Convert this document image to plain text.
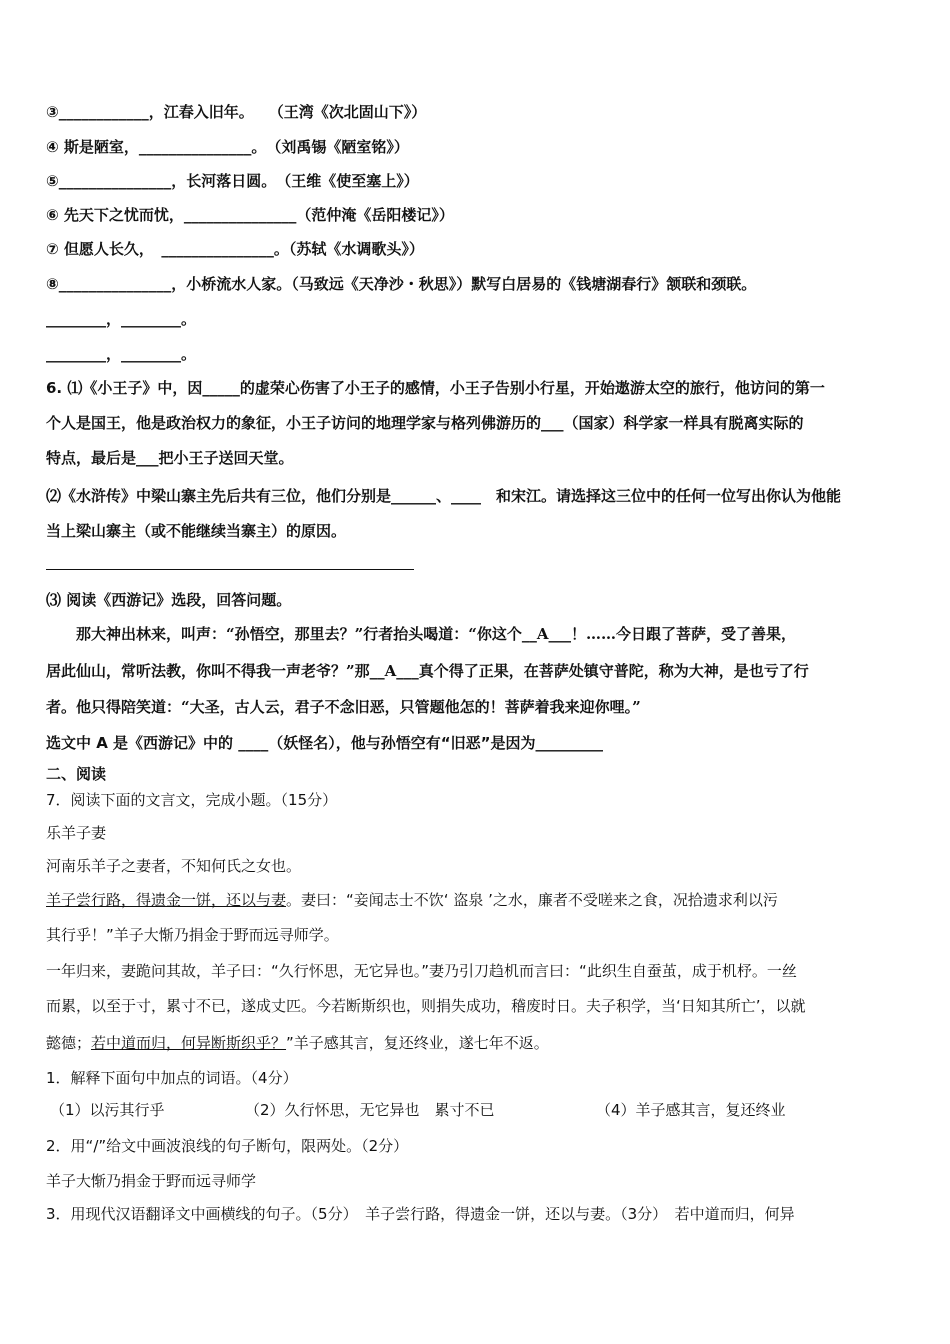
③____________，江春入旧年。　　（王湾《次北固山下》）
④ 斯是陋室，_______________。　（刘禹锡《陋室铭》）
⑤_______________，长河落日圆。　（王维《使至塞上》）
⑥ 先天下之忧而忧，_______________（范仲淹《岳阳楼记》）
⑦ 但愿人长久，　_______________。（苏轼《水调歌头》）
⑧_______________，小桥流水人家。（马致远《天净沙・秋思》）默写白居易的《钱塘湖春行》颔联和颈联。
________，________。
________，________。
6. ⑴《小王子》中，因_____的虚荣心伤害了小王子的感情，小王子告别小行星，开始遨游太空的旅行，他访问的第一
个人是国王，他是政治权力的象征，小王子访问的地理学家与格列佛游历的___（国家）科学家一样具有脱离实际的
特点，最后是___把小王子送回天堂。
⑵《水浒传》中梁山寨主先后共有三位，他们分别是______、____　和宋江。请选择这三位中的任何一位写出你认为他能
当上梁山寨主（或不能继续当寨主）的原因。
⑶ 阅读《西游记》选段，回答问题。
　　那大神出林来，叫声：“孙悟空，那里去？”行者抬头喝道：“你这个__A___！……今日跟了菩萨，受了善果，
居此仙山，常听法教，你叫不得我一声老爷？”那__A___真个得了正果，在菩萨处镇守普陀，称为大神，是也亏了行
者。他只得陪笑道：“大圣，古人云，君子不念旧恶，只管题他怎的！菩萨着我来迎你哩。”
选文中 A 是《西游记》中的 ____（妖怪名），他与孙悟空有“旧恶”是因为_________
二、阅读
7．阅读下面的文言文，完成小题。（15分）
乐羊子妻
河南乐羊子之妻者，不知何氏之女也。
羊子尝行路，得遗金一饼，还以与妻。妻曰：“妾闻志士不饮‘ 盗泉 ’之水，廉者不受嗟来之食，况拾遗求利以污
其行乎！”羊子大惭乃捐金于野而远寻师学。
一年归来，妻跪问其故，羊子曰：“久行怀思，无它异也。”妻乃引刀趋机而言曰：“此织生自蚕茧，成于机杼。一丝
而累，以至于寸，累寸不已，遂成丈匹。今若断斯织也，则捐失成功，稽废时日。夫子积学，当‘日知其所亡’，以就
懿德；若中道而归，何异断斯织乎？”羊子感其言，复还终业，遂七年不返。
1．解释下面句中加点的词语。（4分）
（1）以污其行乎	（2）久行怀思，无它异也　累寸不已	（4）羊子感其言，复还终业
2．用“/”给文中画波浪线的句子断句，限两处。（2分）
羊子大惭乃捐金于野而远寻师学
3．用现代汉语翻译文中画横线的句子。（5分）　羊子尝行路，得遗金一饼，还以与妻。（3分）　若中道而归，何异
